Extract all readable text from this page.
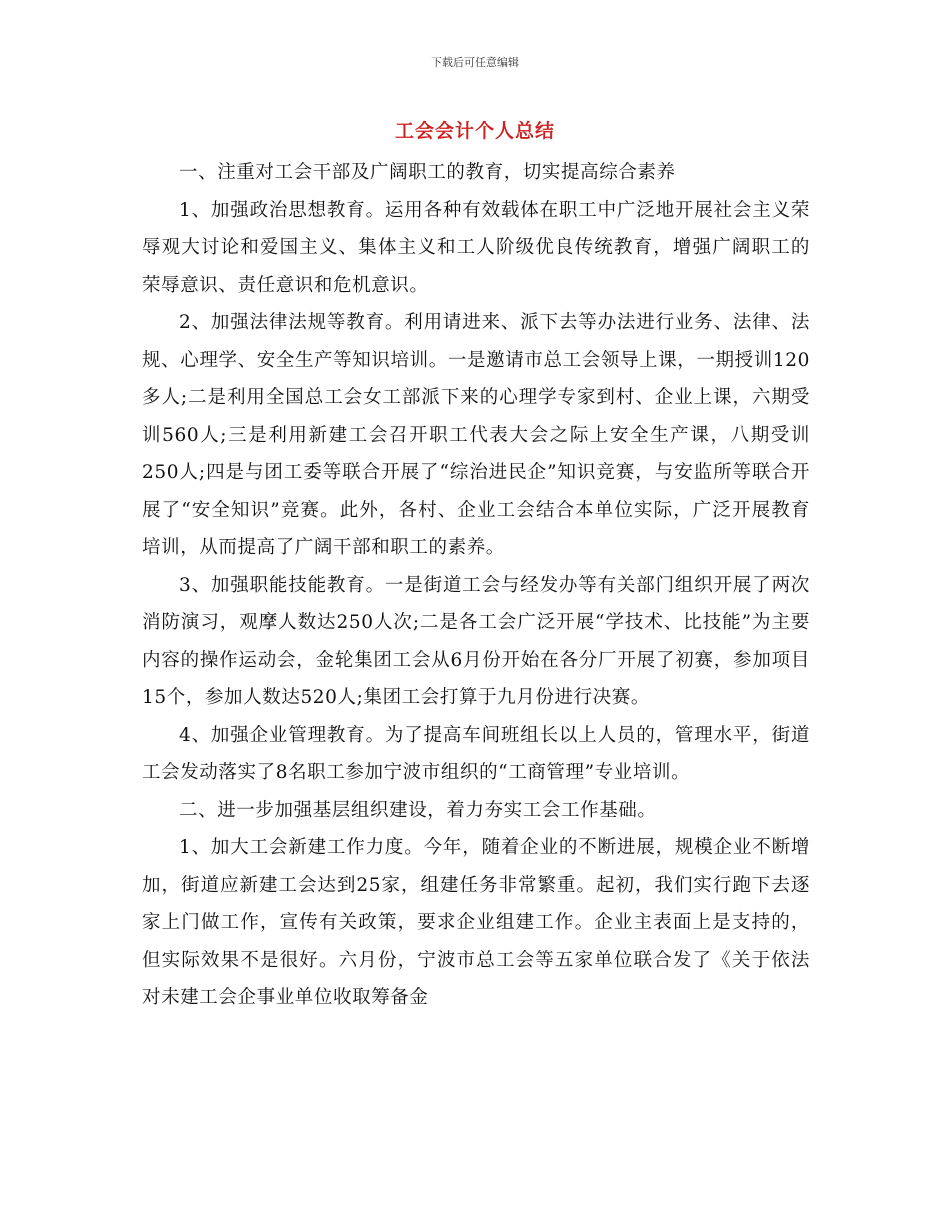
下载后可任意编辑
工会会计个人总结

一、注重对工会干部及广阔职工的教育，切实提高综合素养

1、加强政治思想教育。运用各种有效载体在职工中广泛地开展社会主义荣辱观大讨论和爱国主义、集体主义和工人阶级优良传统教育，增强广阔职工的荣辱意识、责任意识和危机意识。

2、加强法律法规等教育。利用请进来、派下去等办法进行业务、法律、法规、心理学、安全生产等知识培训。一是邀请市总工会领导上课，一期授训120多人;二是利用全国总工会女工部派下来的心理学专家到村、企业上课，六期受训560人;三是利用新建工会召开职工代表大会之际上安全生产课，八期受训250人;四是与团工委等联合开展了“综治进民企”知识竞赛，与安监所等联合开展了“安全知识”竞赛。此外，各村、企业工会结合本单位实际，广泛开展教育培训，从而提高了广阔干部和职工的素养。

3、加强职能技能教育。一是街道工会与经发办等有关部门组织开展了两次消防演习，观摩人数达250人次;二是各工会广泛开展“学技术、比技能”为主要内容的操作运动会，金轮集团工会从6月份开始在各分厂开展了初赛，参加项目15个，参加人数达520人;集团工会打算于九月份进行决赛。

4、加强企业管理教育。为了提高车间班组长以上人员的，管理水平，街道工会发动落实了8名职工参加宁波市组织的“工商管理”专业培训。

二、进一步加强基层组织建设，着力夯实工会工作基础。

1、加大工会新建工作力度。今年，随着企业的不断进展，规模企业不断增加，街道应新建工会达到25家，组建任务非常繁重。起初，我们实行跑下去逐家上门做工作，宣传有关政策，要求企业组建工作。企业主表面上是支持的，但实际效果不是很好。六月份，宁波市总工会等五家单位联合发了《关于依法对未建工会企事业单位收取筹备金
